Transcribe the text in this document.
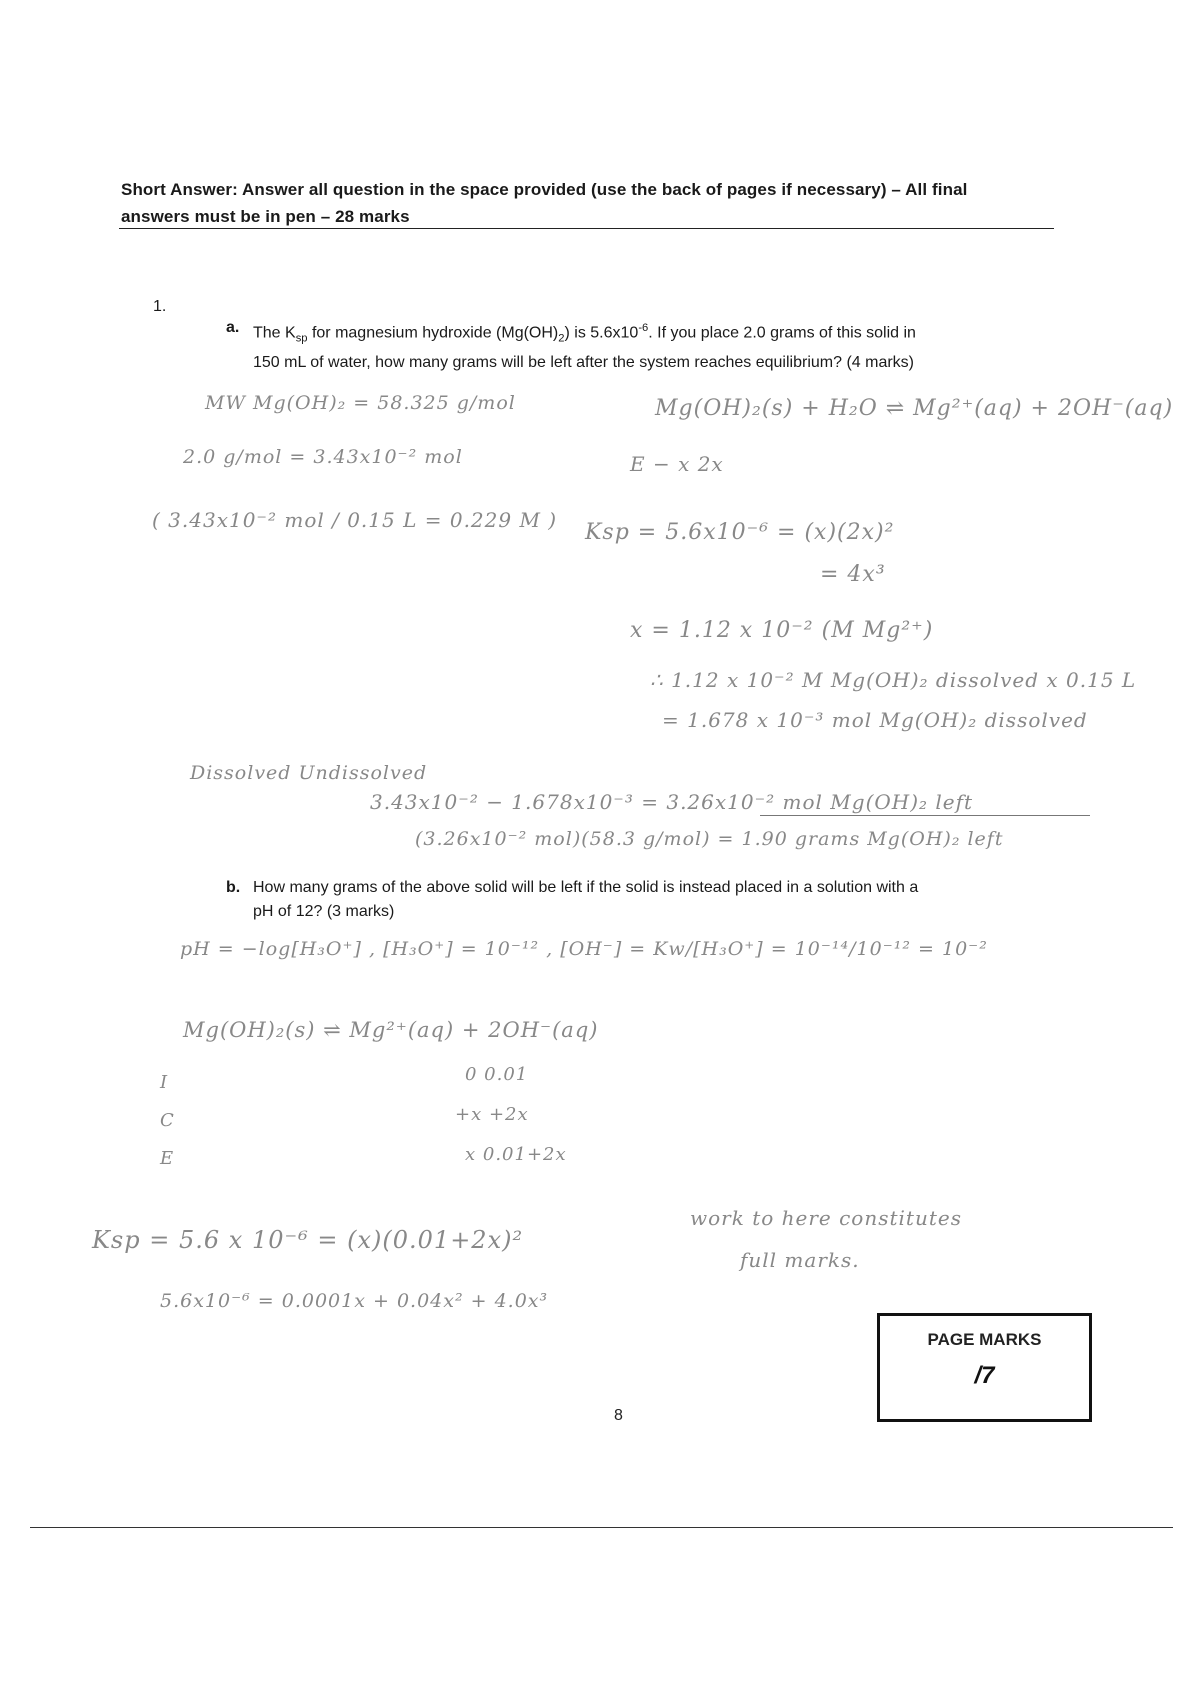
Short Answer: Answer all question in the space provided (use the back of pages if necessary) – All final
answers must be in pen – 28 marks
1.
a. The $K_{sp}$ for magnesium hydroxide $(Mg(OH)_2)$ is $5.6x10^{-6}$. If you place 2.0 grams of this solid in
150 mL of water, how many grams will be left after the system reaches equilibrium? (4 marks)
MW Mg(OH)₂ = 58.325 g/mol
2.0 g/mol = 3.43x10⁻² mol
( 3.43x10⁻² mol / 0.15 L = 0.229 M )
Mg(OH)₂(s) + H₂O ⇌ Mg²⁺(aq) + 2OH⁻(aq)
E − x 2x
Ksp = 5.6x10⁻⁶ = (x)(2x)²
= 4x³
x = 1.12 x 10⁻² (M Mg²⁺)
∴ 1.12 x 10⁻² M Mg(OH)₂ dissolved x 0.15 L
= 1.678 x 10⁻³ mol Mg(OH)₂ dissolved
Dissolved Undissolved
3.43x10⁻² − 1.678x10⁻³ = 3.26x10⁻² mol Mg(OH)₂ left
(3.26x10⁻² mol)(58.3 g/mol) = 1.90 grams Mg(OH)₂ left
b. How many grams of the above solid will be left if the solid is instead placed in a solution with a
pH of 12? (3 marks)
pH = −log[H₃O⁺] , [H₃O⁺] = 10⁻¹² , [OH⁻] = Kw/[H₃O⁺] = 10⁻¹⁴/10⁻¹² = 10⁻²
Mg(OH)₂(s) ⇌ Mg²⁺(aq) + 2OH⁻(aq)
I
C
E
0 0.01
+x +2x
x 0.01+2x
Ksp = 5.6 x 10⁻⁶ = (x)(0.01+2x)²
5.6x10⁻⁶ = 0.0001x + 0.04x² + 4.0x³
work to here constitutes
full marks.
PAGE MARKS
/7
8
